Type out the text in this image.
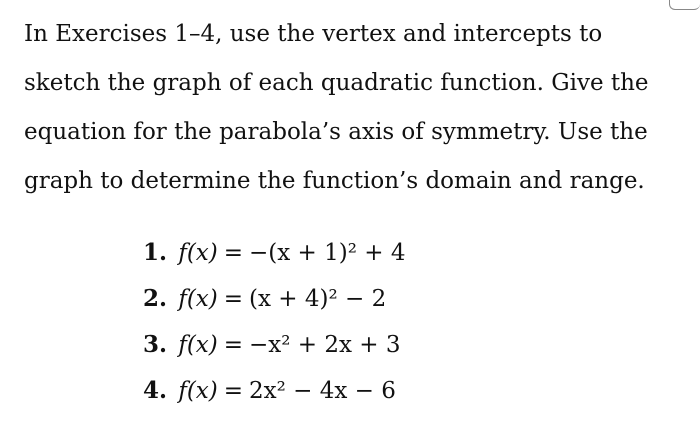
In Exercises 1–4, use the vertex and intercepts to
sketch the graph of each quadratic function. Give the
equation for the parabola’s axis of symmetry. Use the
graph to determine the function’s domain and range.
1. f(x) = −(x + 1)² + 4
2. f(x) = (x + 4)² − 2
3. f(x) = −x² + 2x + 3
4. f(x) = 2x² − 4x − 6
